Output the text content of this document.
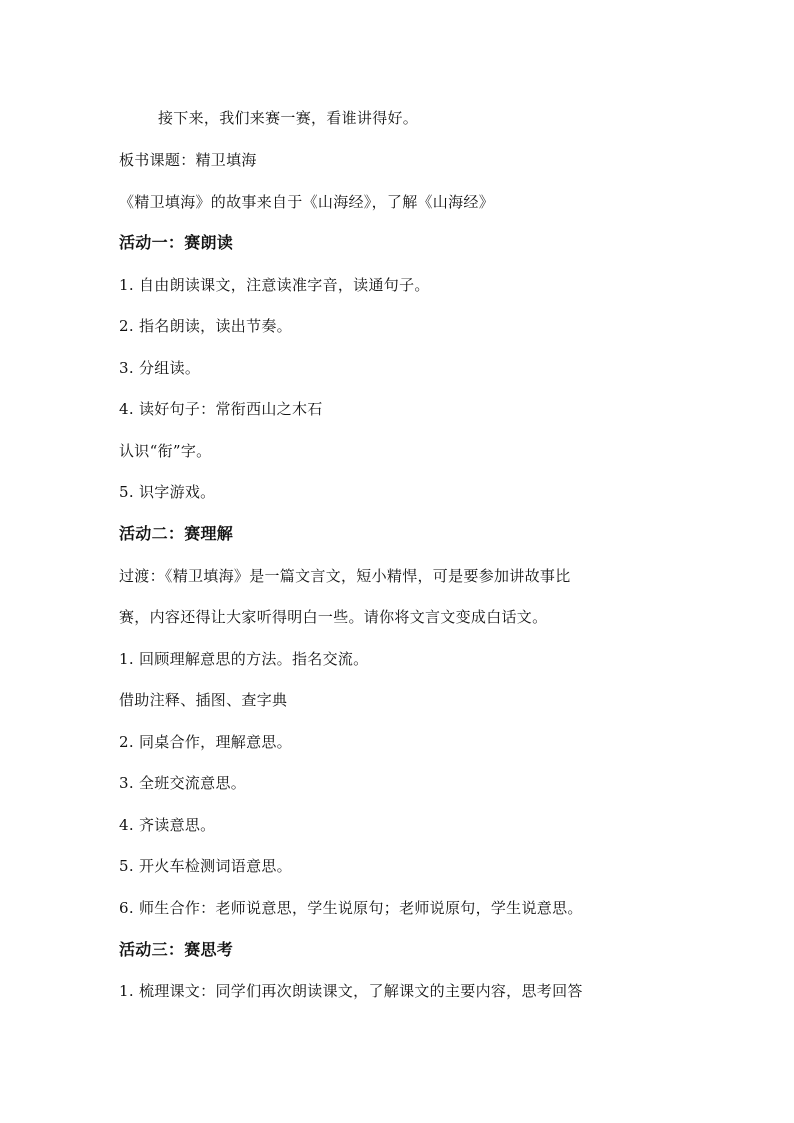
接下来，我们来赛一赛，看谁讲得好。
板书课题：精卫填海
《精卫填海》的故事来自于《山海经》，了解《山海经》
活动一：赛朗读
1. 自由朗读课文，注意读准字音，读通句子。
2. 指名朗读，读出节奏。
3. 分组读。
4. 读好句子：常衔西山之木石
认识“衔”字。
5. 识字游戏。
活动二：赛理解
过渡：《精卫填海》是一篇文言文，短小精悍，可是要参加讲故事比
赛，内容还得让大家听得明白一些。请你将文言文变成白话文。
1. 回顾理解意思的方法。指名交流。
借助注释、插图、查字典
2. 同桌合作，理解意思。
3. 全班交流意思。
4. 齐读意思。
5. 开火车检测词语意思。
6. 师生合作：老师说意思，学生说原句；老师说原句，学生说意思。
活动三：赛思考
1. 梳理课文：同学们再次朗读课文，了解课文的主要内容，思考回答
